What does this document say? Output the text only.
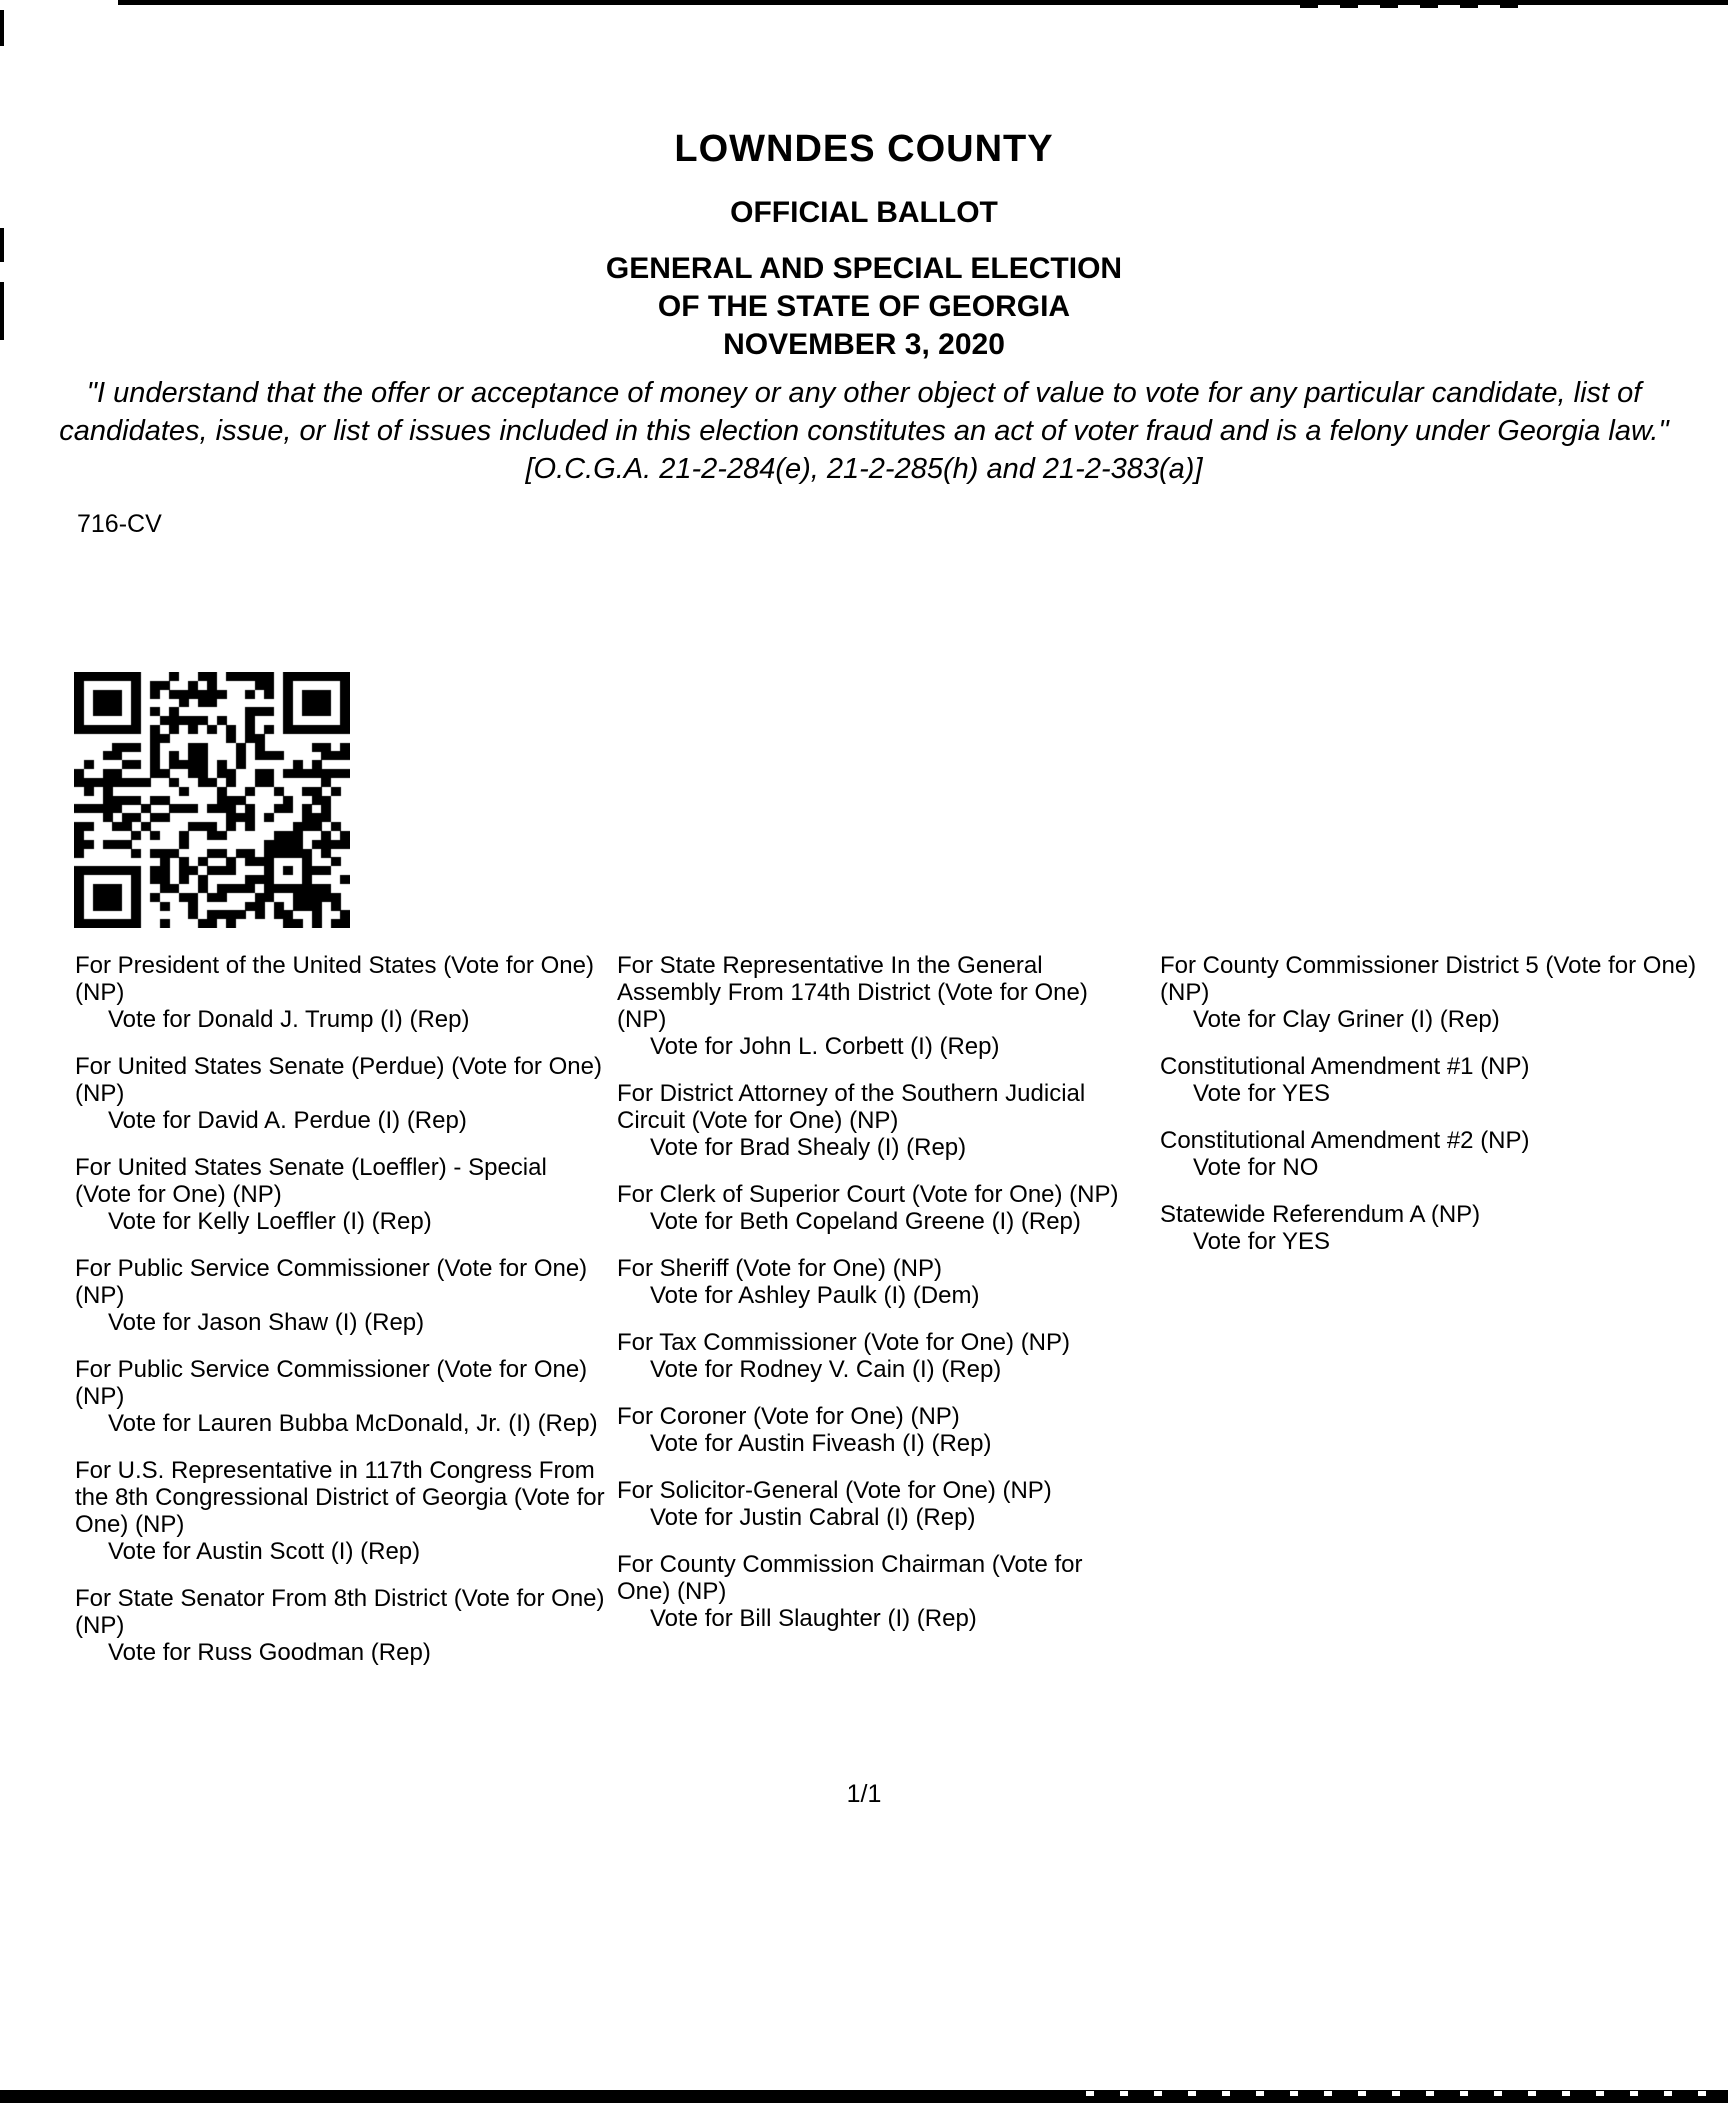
LOWNDES COUNTY
OFFICIAL BALLOT
GENERAL AND SPECIAL ELECTION
OF THE STATE OF GEORGIA
NOVEMBER 3, 2020

"I understand that the offer or acceptance of money or any other object of value to vote for any particular candidate, list of candidates, issue, or list of issues included in this election constitutes an act of voter fraud and is a felony under Georgia law." [O.C.G.A. 21-2-284(e), 21-2-285(h) and 21-2-383(a)]

716-CV

For President of the United States (Vote for One) (NP)

Vote for Donald J. Trump (I) (Rep)

For United States Senate (Perdue) (Vote for One) (NP)

Vote for David A. Perdue (I) (Rep)

For United States Senate (Loeffler) - Special (Vote for One) (NP)

Vote for Kelly Loeffler (I) (Rep)

For Public Service Commissioner (Vote for One) (NP)

Vote for Jason Shaw (I) (Rep)

For Public Service Commissioner (Vote for One) (NP)

Vote for Lauren Bubba McDonald, Jr. (I) (Rep)

For U.S. Representative in 117th Congress From the 8th Congressional District of Georgia (Vote for One) (NP)

Vote for Austin Scott (I) (Rep)

For State Senator From 8th District (Vote for One) (NP)

Vote for Russ Goodman (Rep)

For State Representative In the General Assembly From 174th District (Vote for One) (NP)

Vote for John L. Corbett (I) (Rep)

For District Attorney of the Southern Judicial Circuit (Vote for One) (NP)

Vote for Brad Shealy (I) (Rep)

For Clerk of Superior Court (Vote for One) (NP)

Vote for Beth Copeland Greene (I) (Rep)

For Sheriff (Vote for One) (NP)

Vote for Ashley Paulk (I) (Dem)

For Tax Commissioner (Vote for One) (NP)

Vote for Rodney V. Cain (I) (Rep)

For Coroner (Vote for One) (NP)

Vote for Austin Fiveash (I) (Rep)

For Solicitor-General (Vote for One) (NP)

Vote for Justin Cabral (I) (Rep)

For County Commission Chairman (Vote for One) (NP)

Vote for Bill Slaughter (I) (Rep)

For County Commissioner District 5 (Vote for One) (NP)

Vote for Clay Griner (I) (Rep)

Constitutional Amendment #1 (NP)

Vote for YES

Constitutional Amendment #2 (NP)

Vote for NO

Statewide Referendum A (NP)

Vote for YES

1/1
